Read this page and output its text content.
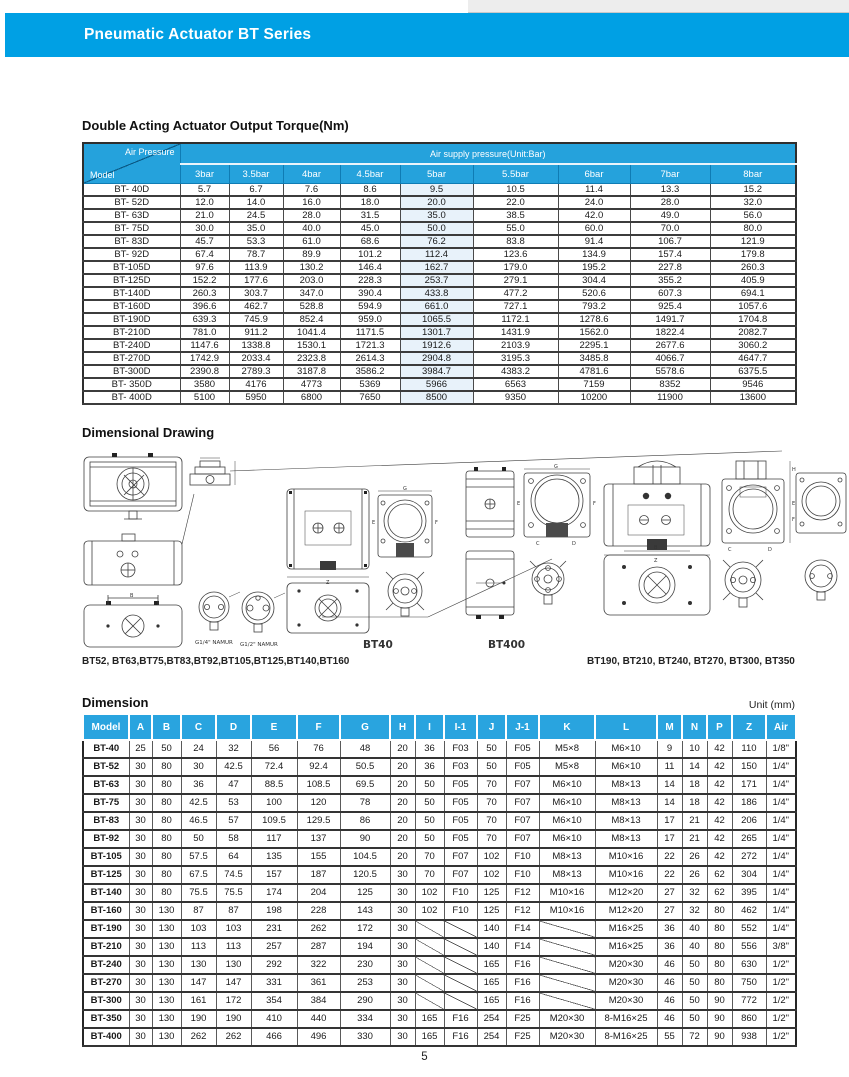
Pneumatic Actuator BT Series
Double Acting Actuator Output Torque(Nm)
Air Pressure
Model	Air supply pressure(Unit:Bar)								
	3bar	3.5bar	4bar	4.5bar	5bar	5.5bar	6bar	7bar	8bar
BT- 40D	5.7	6.7	7.6	8.6	9.5	10.5	11.4	13.3	15.2
BT- 52D	12.0	14.0	16.0	18.0	20.0	22.0	24.0	28.0	32.0
BT- 63D	21.0	24.5	28.0	31.5	35.0	38.5	42.0	49.0	56.0
BT- 75D	30.0	35.0	40.0	45.0	50.0	55.0	60.0	70.0	80.0
BT- 83D	45.7	53.3	61.0	68.6	76.2	83.8	91.4	106.7	121.9
BT- 92D	67.4	78.7	89.9	101.2	112.4	123.6	134.9	157.4	179.8
BT-105D	97.6	113.9	130.2	146.4	162.7	179.0	195.2	227.8	260.3
BT-125D	152.2	177.6	203.0	228.3	253.7	279.1	304.4	355.2	405.9
BT-140D	260.3	303.7	347.0	390.4	433.8	477.2	520.6	607.3	694.1
BT-160D	396.6	462.7	528.8	594.9	661.0	727.1	793.2	925.4	1057.6
BT-190D	639.3	745.9	852.4	959.0	1065.5	1172.1	1278.6	1491.7	1704.8
BT-210D	781.0	911.2	1041.4	1171.5	1301.7	1431.9	1562.0	1822.4	2082.7
BT-240D	1147.6	1338.8	1530.1	1721.3	1912.6	2103.9	2295.1	2677.6	3060.2
BT-270D	1742.9	2033.4	2323.8	2614.3	2904.8	3195.3	3485.8	4066.7	4647.7
BT-300D	2390.8	2789.3	3187.8	3586.2	3984.7	4383.2	4781.6	5578.6	6375.5
BT- 350D	3580	4176	4773	5369	5966	6563	7159	8352	9546
BT- 400D	5100	5950	6800	7650	8500	9350	10200	11900	13600
Dimensional Drawing
B
Z
G
E	F
G
E	F
C	D
Z
H
E
F
C	D
B
BT40	BT400
G1/4" NAMUR G1/2" NAMUR
BT52, BT63,BT75,BT83,BT92,BT105,BT125,BT140,BT160	BT190, BT210, BT240, BT270, BT300, BT350
Dimension	Unit (mm)
Model	A	B	C	D	E	F	G	H	I	I-1	J	J-1	K	L	M	N	P	Z	Air
BT-40	25	50	24	32	56	76	48	20	36	F03	50	F05	M5×8	M6×10	9	10	42	110	1/8"
BT-52	30	80	30	42.5	72.4	92.4	50.5	20	36	F03	50	F05	M5×8	M6×10	11	14	42	150	1/4"
BT-63	30	80	36	47	88.5	108.5	69.5	20	50	F05	70	F07	M6×10	M8×13	14	18	42	171	1/4"
BT-75	30	80	42.5	53	100	120	78	20	50	F05	70	F07	M6×10	M8×13	14	18	42	186	1/4"
BT-83	30	80	46.5	57	109.5	129.5	86	20	50	F05	70	F07	M6×10	M8×13	17	21	42	206	1/4"
BT-92	30	80	50	58	117	137	90	20	50	F05	70	F07	M6×10	M8×13	17	21	42	265	1/4"
BT-105	30	80	57.5	64	135	155	104.5	20	70	F07	102	F10	M8×13	M10×16	22	26	42	272	1/4"
BT-125	30	80	67.5	74.5	157	187	120.5	30	70	F07	102	F10	M8×13	M10×16	22	26	62	304	1/4"
BT-140	30	80	75.5	75.5	174	204	125	30	102	F10	125	F12	M10×16	M12×20	27	32	62	395	1/4"
BT-160	30	130	87	87	198	228	143	30	102	F10	125	F12	M10×16	M12×20	27	32	80	462	1/4"
BT-190	30	130	103	103	231	262	172	30			140	F14		M16×25	36	40	80	552	1/4"
BT-210	30	130	113	113	257	287	194	30			140	F14		M16×25	36	40	80	556	3/8"
BT-240	30	130	130	130	292	322	230	30			165	F16		M20×30	46	50	80	630	1/2"
BT-270	30	130	147	147	331	361	253	30			165	F16		M20×30	46	50	80	750	1/2"
BT-300	30	130	161	172	354	384	290	30			165	F16		M20×30	46	50	90	772	1/2"
BT-350	30	130	190	190	410	440	334	30	165	F16	254	F25	M20×30	8-M16×25	46	50	90	860	1/2"
BT-400	30	130	262	262	466	496	330	30	165	F16	254	F25	M20×30	8-M16×25	55	72	90	938	1/2"
5
